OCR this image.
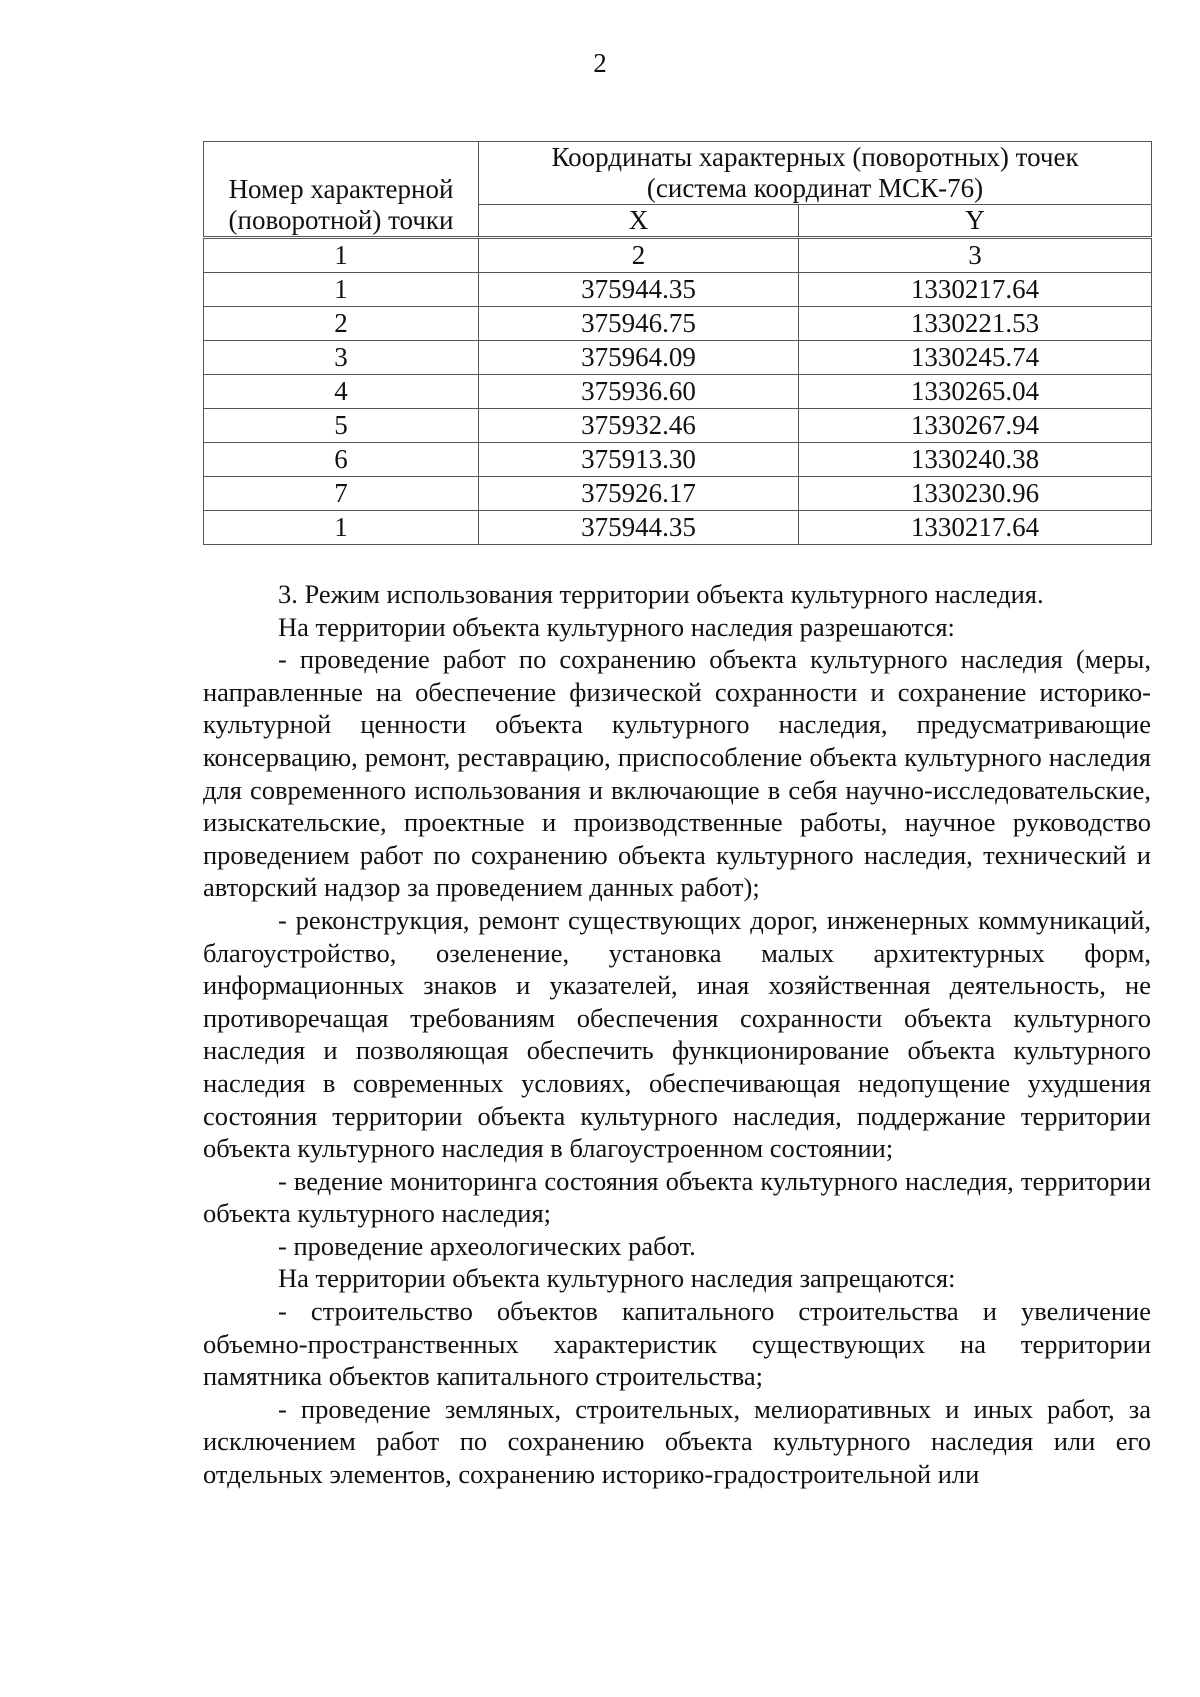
2
Номер характерной (поворотной) точки	Координаты характерных (поворотных) точек (система координат МСК-76)	
	X	Y
1	2	3
1	375944.35	1330217.64
2	375946.75	1330221.53
3	375964.09	1330245.74
4	375936.60	1330265.04
5	375932.46	1330267.94
6	375913.30	1330240.38
7	375926.17	1330230.96
1	375944.35	1330217.64

3. Режим использования территории объекта культурного наследия.

На территории объекта культурного наследия разрешаются:

- проведение работ по сохранению объекта культурного наследия (меры, направленные на обеспечение физической сохранности и сохранение историко-культурной ценности объекта культурного наследия, предусматривающие консервацию, ремонт, реставрацию, приспособление объекта культурного наследия для современного использования и включающие в себя научно-исследовательские, изыскательские, проектные и производственные работы, научное руководство проведением работ по сохранению объекта культурного наследия, технический и авторский надзор за проведением данных работ);

- реконструкция, ремонт существующих дорог, инженерных коммуникаций, благоустройство, озеленение, установка малых архитектурных форм, информационных знаков и указателей, иная хозяйственная деятельность, не противоречащая требованиям обеспечения сохранности объекта культурного наследия и позволяющая обеспечить функционирование объекта культурного наследия в современных условиях, обеспечивающая недопущение ухудшения состояния территории объекта культурного наследия, поддержание территории объекта культурного наследия в благоустроенном состоянии;

- ведение мониторинга состояния объекта культурного наследия, территории объекта культурного наследия;

- проведение археологических работ.

На территории объекта культурного наследия запрещаются:

- строительство объектов капитального строительства и увеличение объемно-пространственных характеристик существующих на территории памятника объектов капитального строительства;

- проведение земляных, строительных, мелиоративных и иных работ, за исключением работ по сохранению объекта культурного наследия или его отдельных элементов, сохранению историко-градостроительной или
